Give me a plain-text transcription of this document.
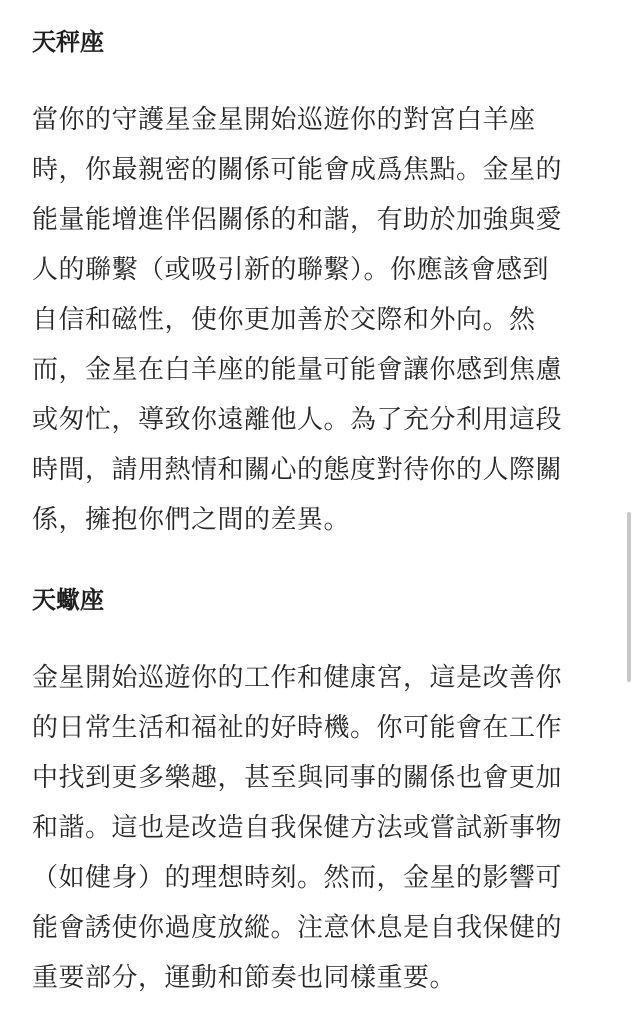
天秤座
當你的守護星金星開始巡遊你的對宮白羊座
時，你最親密的關係可能會成爲焦點。金星的
能量能增進伴侶關係的和諧，有助於加強與愛
人的聯繫（或吸引新的聯繫）。你應該會感到
自信和磁性，使你更加善於交際和外向。然
而，金星在白羊座的能量可能會讓你感到焦慮
或匆忙，導致你遠離他人。為了充分利用這段
時間，請用熱情和關心的態度對待你的人際關
係，擁抱你們之間的差異。
天蠍座
金星開始巡遊你的工作和健康宮，這是改善你
的日常生活和福祉的好時機。你可能會在工作
中找到更多樂趣，甚至與同事的關係也會更加
和諧。這也是改造自我保健方法或嘗試新事物
（如健身）的理想時刻。然而，金星的影響可
能會誘使你過度放縱。注意休息是自我保健的
重要部分，運動和節奏也同樣重要。
